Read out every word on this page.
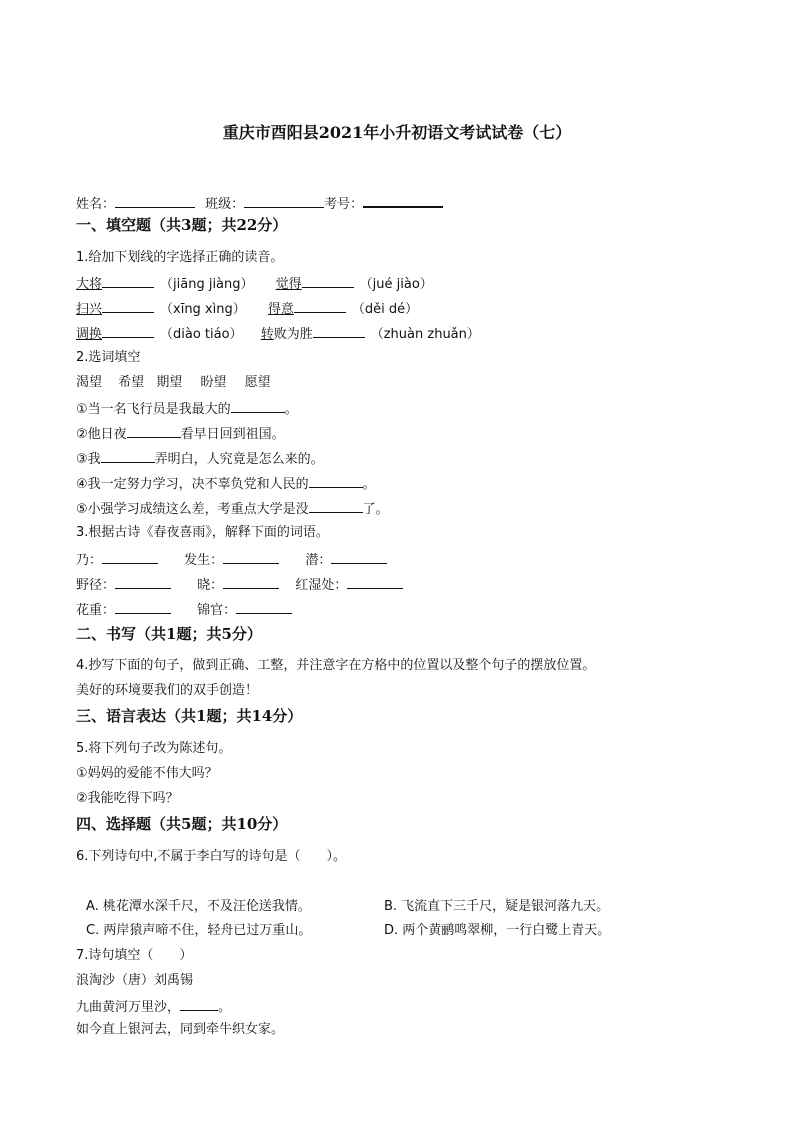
重庆市酉阳县2021年小升初语文考试试卷（七）
姓名：	班级：	考号：
一、填空题（共3题；共22分）
1.给加下划线的字选择正确的读音。
大将	（jiāng jiàng） 觉得	（jué jiào）
扫兴	（xīng xìng） 得意	（děi dé）
调换	（diào tiáo） 转败为胜	（zhuàn zhuǎn）
2.选词填空
渴望 希望 期望 盼望 愿望
①当一名飞行员是我最大的	。
②他日夜	看早日回到祖国。
③我	弄明白，人究竟是怎么来的。
④我一定努力学习，决不辜负党和人民的	。
⑤小强学习成绩这么差，考重点大学是没	了。
3.根据古诗《春夜喜雨》，解释下面的词语。
乃：	发生：	潜：
野径：	晓：	红湿处：
花重：	锦官：
二、书写（共1题；共5分）
4.抄写下面的句子，做到正确、工整，并注意字在方格中的位置以及整个句子的摆放位置。
美好的环境要我们的双手创造！
三、语言表达（共1题；共14分）
5.将下列句子改为陈述句。
①妈妈的爱能不伟大吗？
②我能吃得下吗？
四、选择题（共5题；共10分）
6.下列诗句中,不属于李白写的诗句是（　　）。
A. 桃花潭水深千尺，不及汪伦送我情。	B. 飞流直下三千尺，疑是银河落九天。
C. 两岸猿声啼不住，轻舟已过万重山。	D. 两个黄鹂鸣翠柳，一行白鹭上青天。
7.诗句填空（　　）
浪淘沙（唐）刘禹锡
九曲黄河万里沙，	。
如今直上银河去，同到牵牛织女家。
